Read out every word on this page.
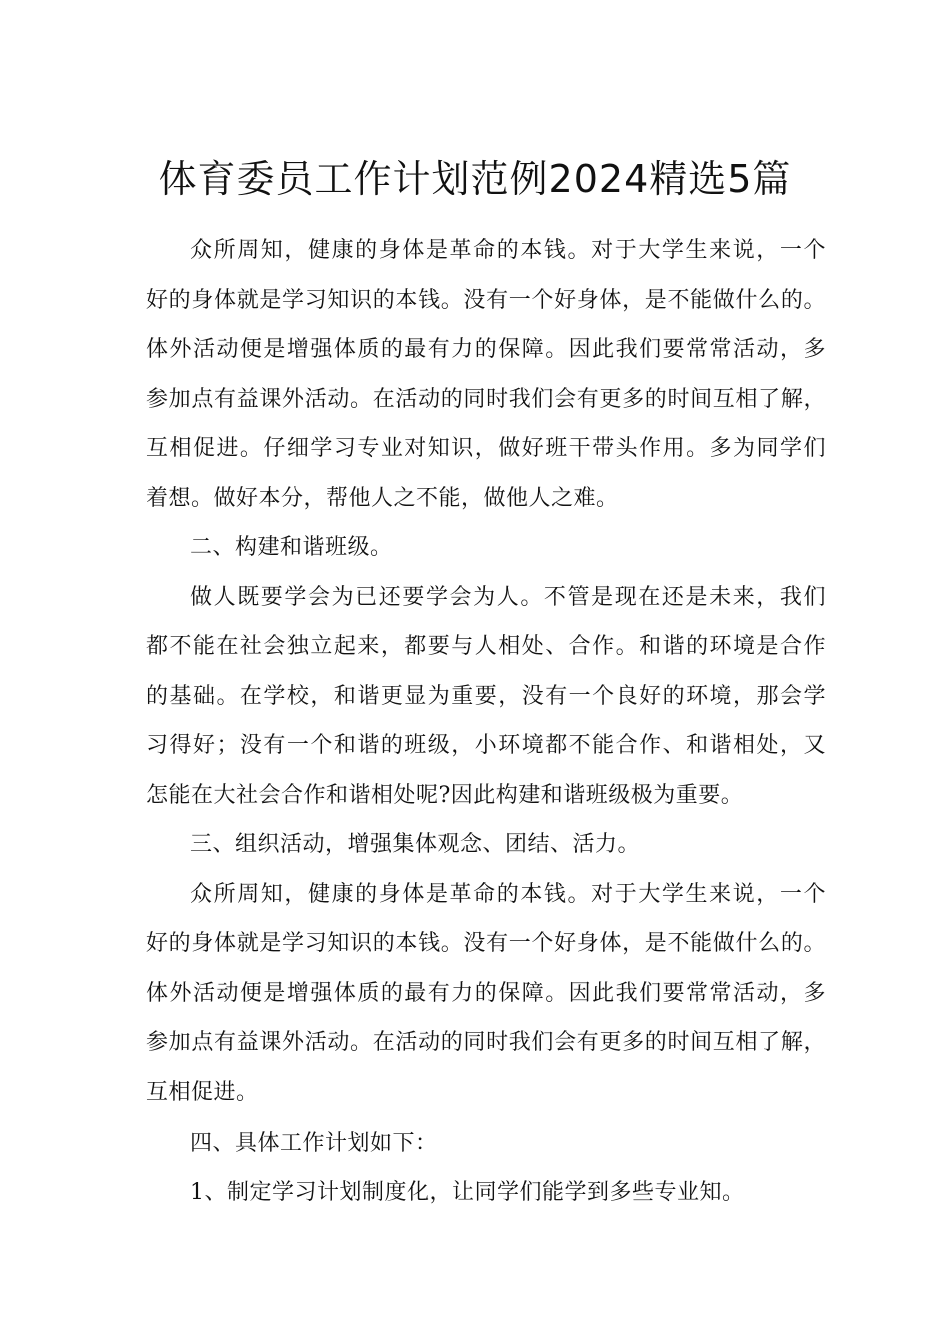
体育委员工作计划范例2024精选5篇
众所周知，健康的身体是革命的本钱。对于大学生来说，一个
好的身体就是学习知识的本钱。没有一个好身体，是不能做什么的。
体外活动便是增强体质的最有力的保障。因此我们要常常活动，多
参加点有益课外活动。在活动的同时我们会有更多的时间互相了解，
互相促进。仔细学习专业对知识，做好班干带头作用。多为同学们
着想。做好本分，帮他人之不能，做他人之难。
二、构建和谐班级。
做人既要学会为已还要学会为人。不管是现在还是未来，我们
都不能在社会独立起来，都要与人相处、合作。和谐的环境是合作
的基础。在学校，和谐更显为重要，没有一个良好的环境，那会学
习得好；没有一个和谐的班级，小环境都不能合作、和谐相处，又
怎能在大社会合作和谐相处呢?因此构建和谐班级极为重要。
三、组织活动，增强集体观念、团结、活力。
众所周知，健康的身体是革命的本钱。对于大学生来说，一个
好的身体就是学习知识的本钱。没有一个好身体，是不能做什么的。
体外活动便是增强体质的最有力的保障。因此我们要常常活动，多
参加点有益课外活动。在活动的同时我们会有更多的时间互相了解，
互相促进。
四、具体工作计划如下：
1、制定学习计划制度化，让同学们能学到多些专业知。
